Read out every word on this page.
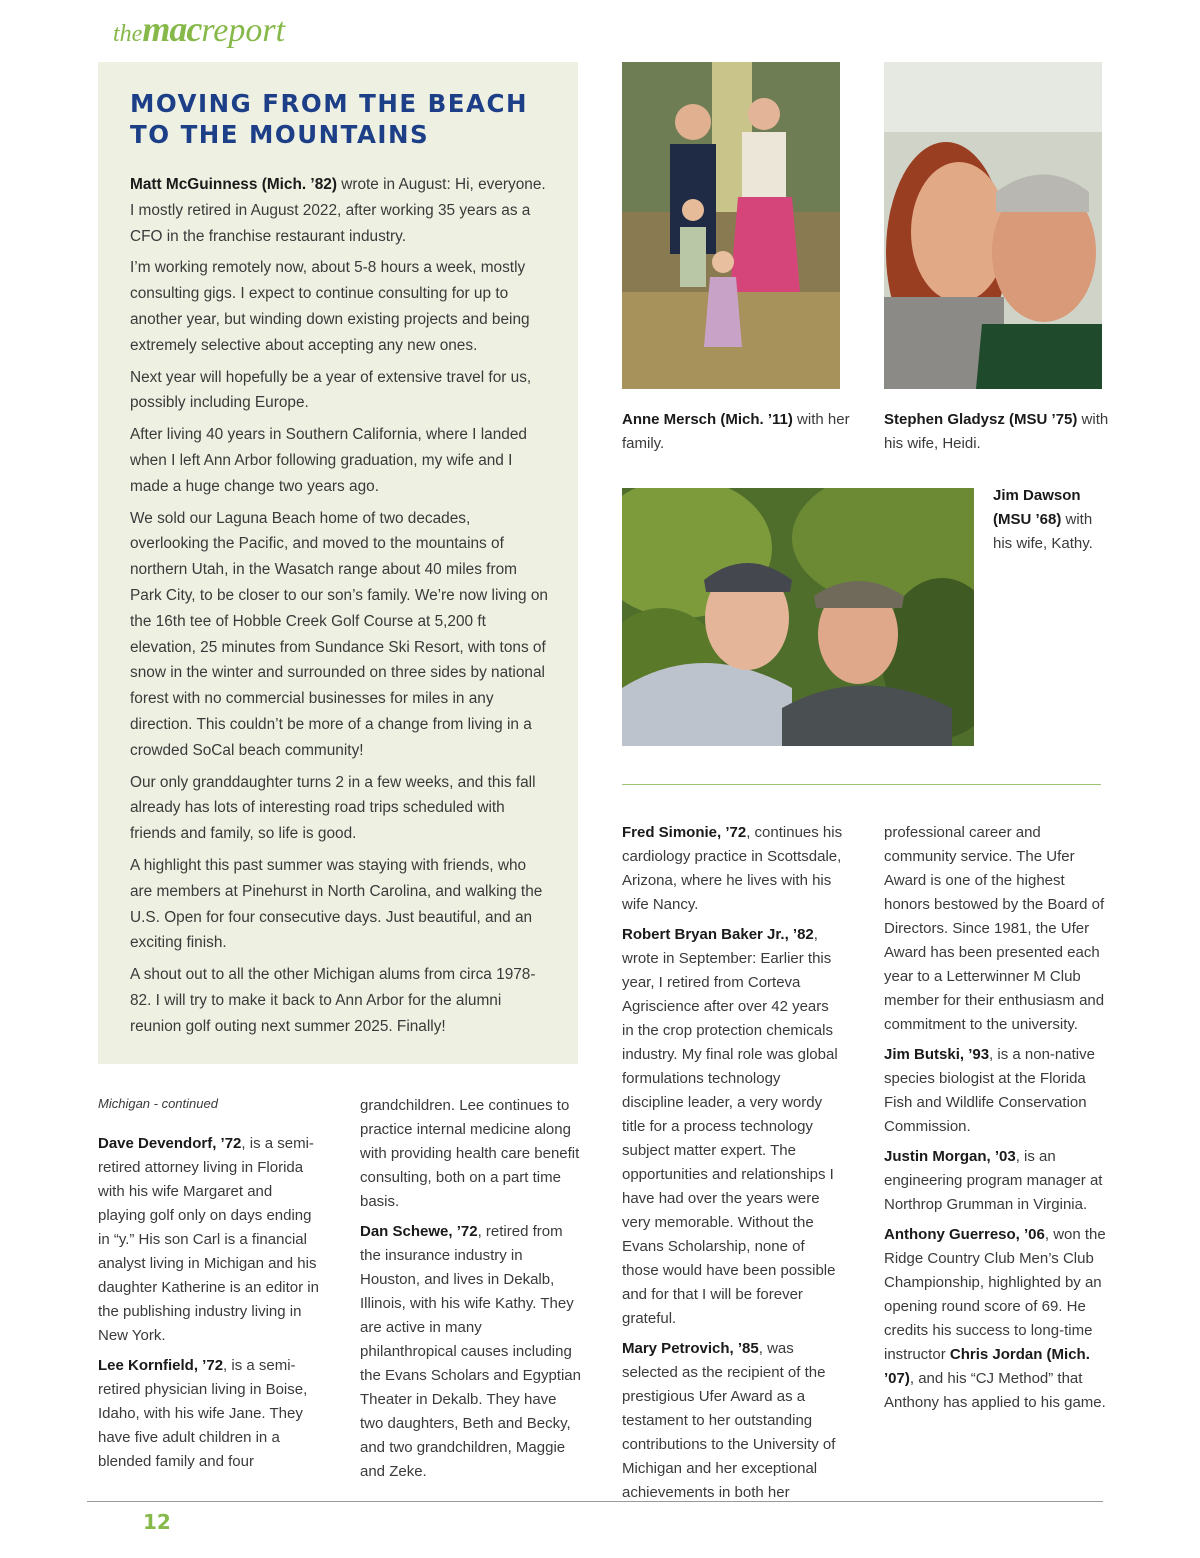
themacreport
MOVING FROM THE BEACH
TO THE MOUNTAINS

Matt McGuinness (Mich. ’82) wrote in August: Hi, everyone. I mostly retired in August 2022, after working 35 years as a CFO in the franchise restaurant industry.

I’m working remotely now, about 5-8 hours a week, mostly consulting gigs. I expect to continue consulting for up to another year, but winding down existing projects and being extremely selective about accepting any new ones.

Next year will hopefully be a year of extensive travel for us, possibly including Europe.

After living 40 years in Southern California, where I landed when I left Ann Arbor following graduation, my wife and I made a huge change two years ago.

We sold our Laguna Beach home of two decades, overlooking the Pacific, and moved to the mountains of northern Utah, in the Wasatch range about 40 miles from Park City, to be closer to our son’s family. We’re now living on the 16th tee of Hobble Creek Golf Course at 5,200 ft elevation, 25 minutes from Sundance Ski Resort, with tons of snow in the winter and surrounded on three sides by national forest with no commercial businesses for miles in any direction. This couldn’t be more of a change from living in a crowded SoCal beach community!

Our only granddaughter turns 2 in a few weeks, and this fall already has lots of interesting road trips scheduled with friends and family, so life is good.

A highlight this past summer was staying with friends, who are members at Pinehurst in North Carolina, and walking the U.S. Open for four consecutive days. Just beautiful, and an exciting finish.

A shout out to all the other Michigan alums from circa 1978-82. I will try to make it back to Ann Arbor for the alumni reunion golf outing next summer 2025. Finally!

Anne Mersch (Mich. ’11) with her family.
Stephen Gladysz (MSU ’75) with his wife, Heidi.
Jim Dawson (MSU ’68) with his wife, Kathy.

Michigan - continued

Dave Devendorf, ’72, is a semi-retired attorney living in Florida with his wife Margaret and playing golf only on days ending in “y.” His son Carl is a financial analyst living in Michigan and his daughter Katherine is an editor in the publishing industry living in New York.

Lee Kornfield, ’72, is a semi-retired physician living in Boise, Idaho, with his wife Jane. They have five adult children in a blended family and four

grandchildren. Lee continues to practice internal medicine along with providing health care benefit consulting, both on a part time basis.

Dan Schewe, ’72, retired from the insurance industry in Houston, and lives in Dekalb, Illinois, with his wife Kathy. They are active in many philanthropical causes including the Evans Scholars and Egyptian Theater in Dekalb. They have two daughters, Beth and Becky, and two grandchildren, Maggie and Zeke.

Fred Simonie, ’72, continues his cardiology practice in Scottsdale, Arizona, where he lives with his wife Nancy.

Robert Bryan Baker Jr., ’82, wrote in September: Earlier this year, I retired from Corteva Agriscience after over 42 years in the crop protection chemicals industry. My final role was global formulations technology discipline leader, a very wordy title for a process technology subject matter expert. The opportunities and relationships I have had over the years were very memorable. Without the Evans Scholarship, none of those would have been possible and for that I will be forever grateful.

Mary Petrovich, ’85, was selected as the recipient of the prestigious Ufer Award as a testament to her outstanding contributions to the University of Michigan and her exceptional achievements in both her

professional career and community service. The Ufer Award is one of the highest honors bestowed by the Board of Directors. Since 1981, the Ufer Award has been presented each year to a Letterwinner M Club member for their enthusiasm and commitment to the university.

Jim Butski, ’93, is a non-native species biologist at the Florida Fish and Wildlife Conservation Commission.

Justin Morgan, ’03, is an engineering program manager at Northrop Grumman in Virginia.

Anthony Guerreso, ’06, won the Ridge Country Club Men’s Club Championship, highlighted by an opening round score of 69. He credits his success to long-time instructor Chris Jordan (Mich. ’07), and his “CJ Method” that Anthony has applied to his game.

12
